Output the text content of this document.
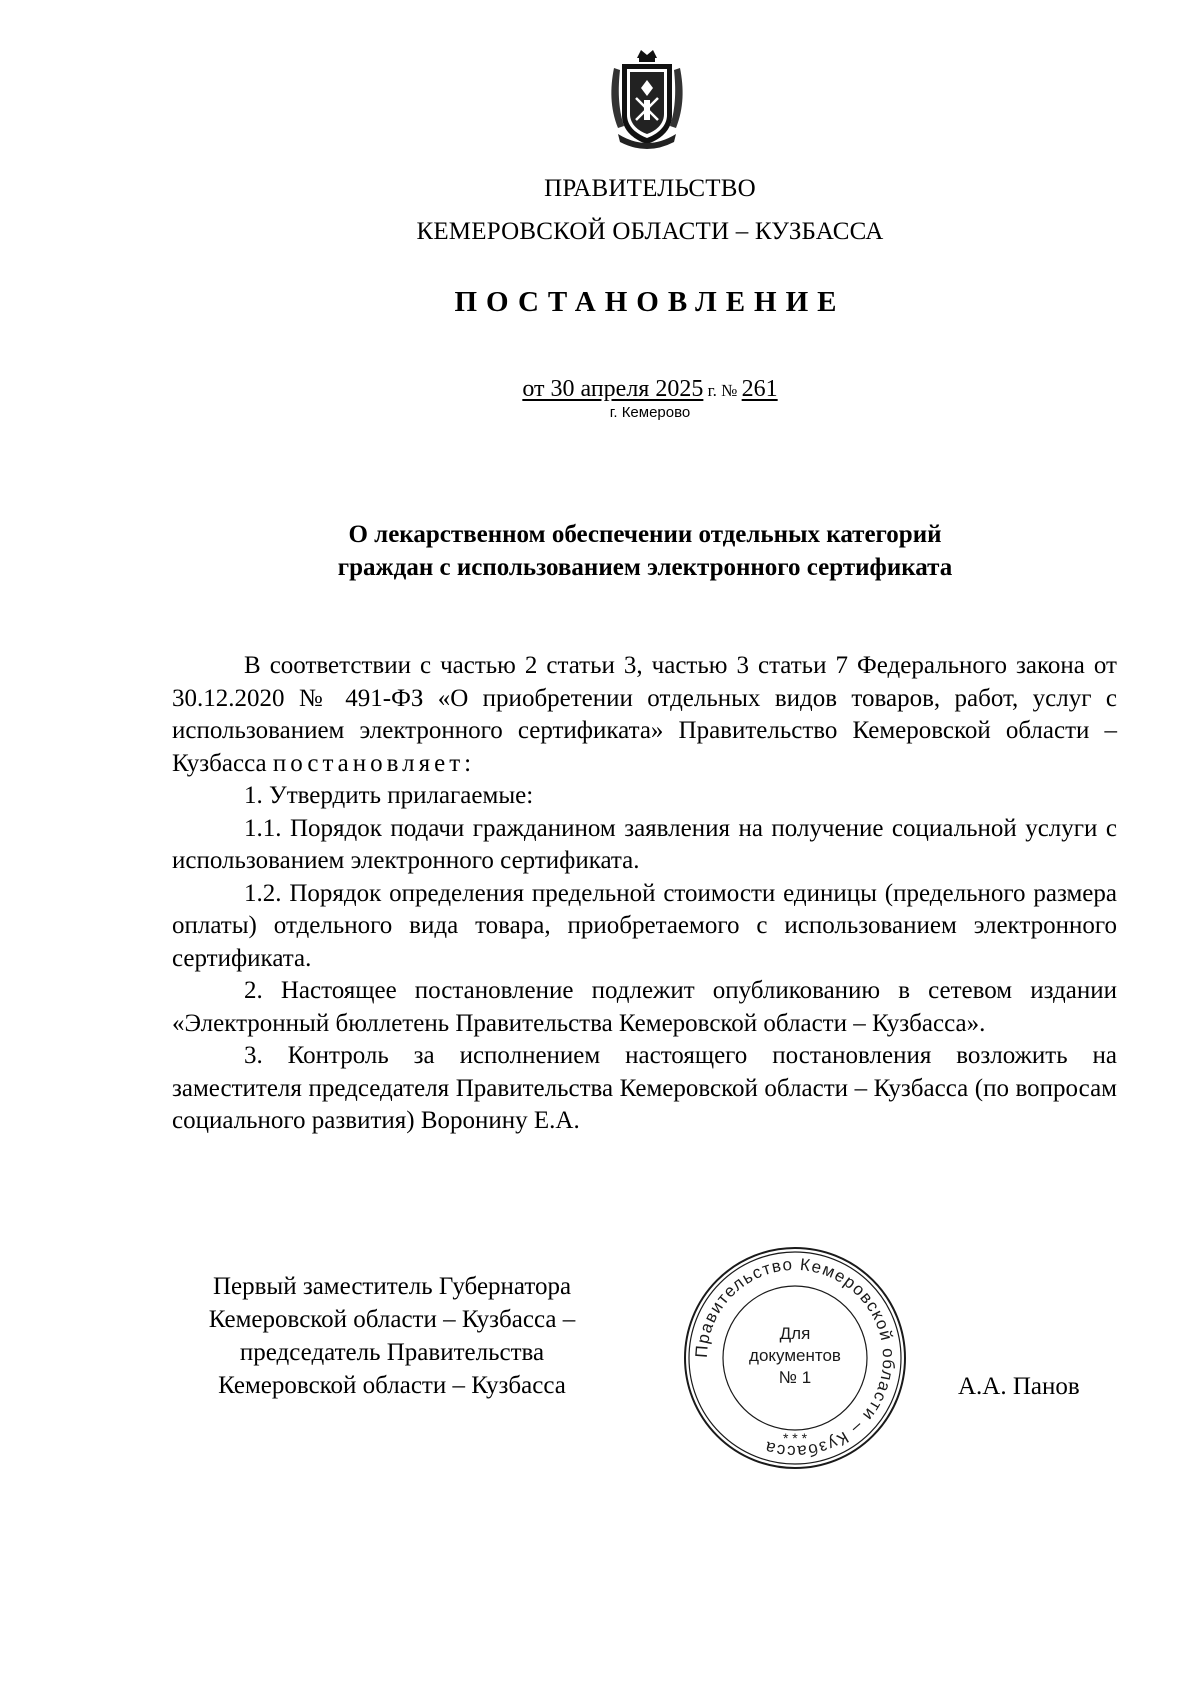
ПРАВИТЕЛЬСТВО
КЕМЕРОВСКОЙ ОБЛАСТИ – КУЗБАССА
ПОСТАНОВЛЕНИЕ
от 30 апреля 2025 г. № 261
г. Кемерово
О лекарственном обеспечении отдельных категорий
граждан с использованием электронного сертификата

В соответствии с частью 2 статьи 3, частью 3 статьи 7 Федерального закона от 30.12.2020 № 491-ФЗ «О приобретении отдельных видов товаров, работ, услуг с использованием электронного сертификата» Правительство Кемеровской области – Кузбасса постановляет:

1. Утвердить прилагаемые:

1.1. Порядок подачи гражданином заявления на получение социальной услуги с использованием электронного сертификата.

1.2. Порядок определения предельной стоимости единицы (предельного размера оплаты) отдельного вида товара, приобретаемого с использованием электронного сертификата.

2. Настоящее постановление подлежит опубликованию в сетевом издании «Электронный бюллетень Правительства Кемеровской области – Кузбасса».

3. Контроль за исполнением настоящего постановления возложить на заместителя председателя Правительства Кемеровской области – Кузбасса (по вопросам социального развития) Воронину Е.А.

Первый заместитель Губернатора
Кемеровской области – Кузбасса –
председатель Правительства
Кемеровской области – Кузбасса
Правительство Кемеровской области – Кузбасса
Для
документов
№ 1
* * *
А.А. Панов
